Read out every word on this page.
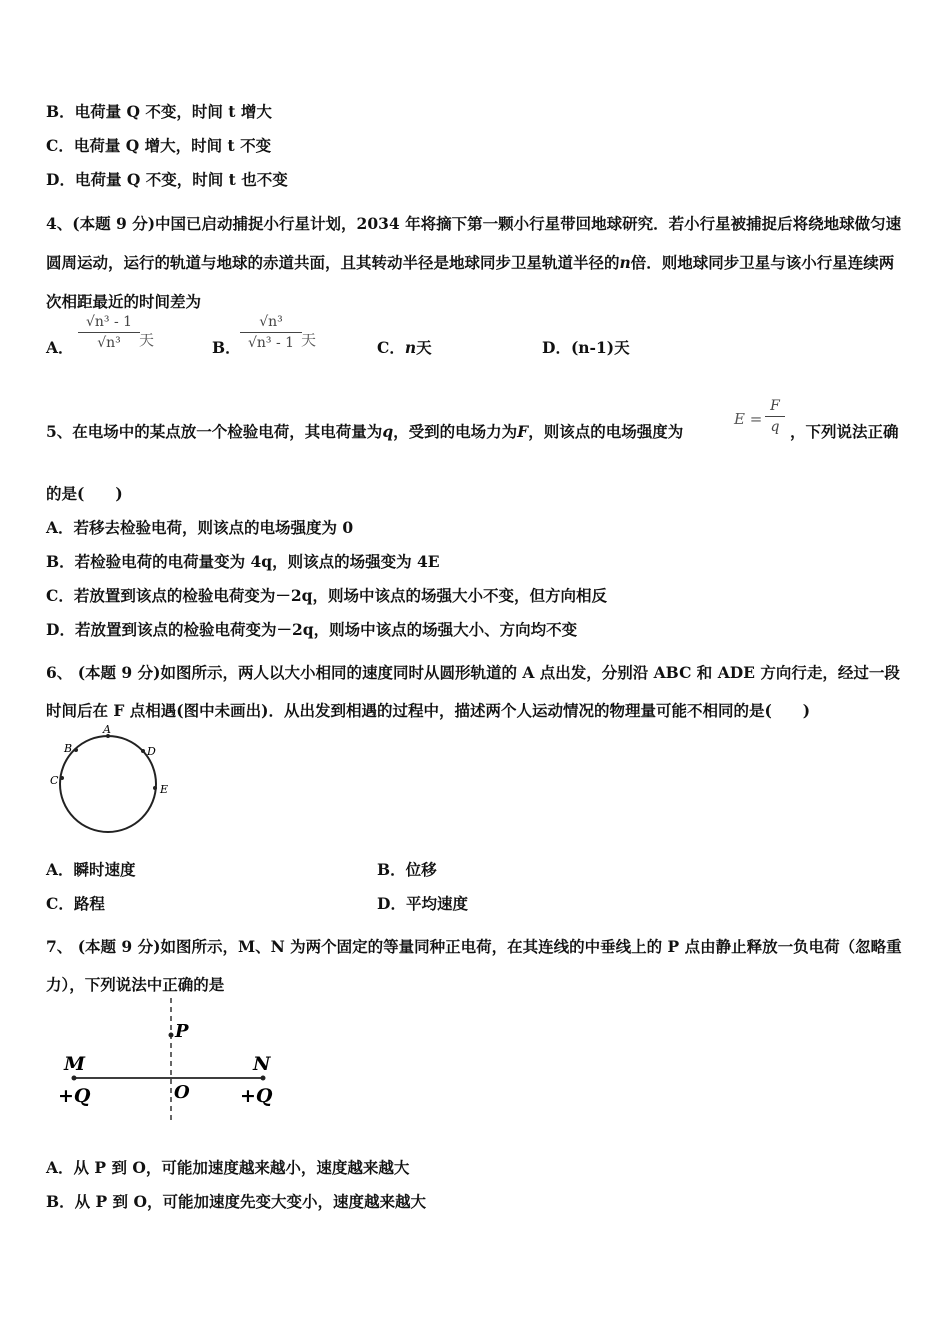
B．电荷量 Q 不变，时间 t 增大
C．电荷量 Q 增大，时间 t 不变
D．电荷量 Q 不变，时间 t 也不变
4、(本题 9 分)中国已启动捕捉小行星计划，2034 年将摘下第一颗小行星带回地球研究．若小行星被捕捉后将绕地球做匀速圆周运动，运行的轨道与地球的赤道共面，且其转动半径是地球同步卫星轨道半径的n倍．则地球同步卫星与该小行星连续两次相距最近的时间差为
A．
√n³ - 1
√n³	天	B．
√n³
√n³ - 1 天	C．n天	D．(n-1)天
5、在电场中的某点放一个检验电荷，其电荷量为q，受到的电场力为F，则该点的电场强度为
E =
F
q ，下列说法正确
的是(　　)
A．若移去检验电荷，则该点的电场强度为 0
B．若检验电荷的电荷量变为 4q，则该点的场强变为 4E
C．若放置到该点的检验电荷变为－2q，则场中该点的场强大小不变，但方向相反
D．若放置到该点的检验电荷变为－2q，则场中该点的场强大小、方向均不变
6、 (本题 9 分)如图所示，两人以大小相同的速度同时从圆形轨道的 A 点出发，分别沿 ABC 和 ADE 方向行走，经过一段时间后在 F 点相遇(图中未画出)．从出发到相遇的过程中，描述两个人运动情况的物理量可能不相同的是(　　)
A
B
C
D
E
A．瞬时速度	B．位移
C．路程	D．平均速度
7、 (本题 9 分)如图所示，M、N 为两个固定的等量同种正电荷，在其连线的中垂线上的 P 点由静止释放一负电荷（忽略重力），下列说法中正确的是
M	N
P
O
+Q	+Q
A．从 P 到 O，可能加速度越来越小，速度越来越大
B．从 P 到 O，可能加速度先变大变小，速度越来越大
